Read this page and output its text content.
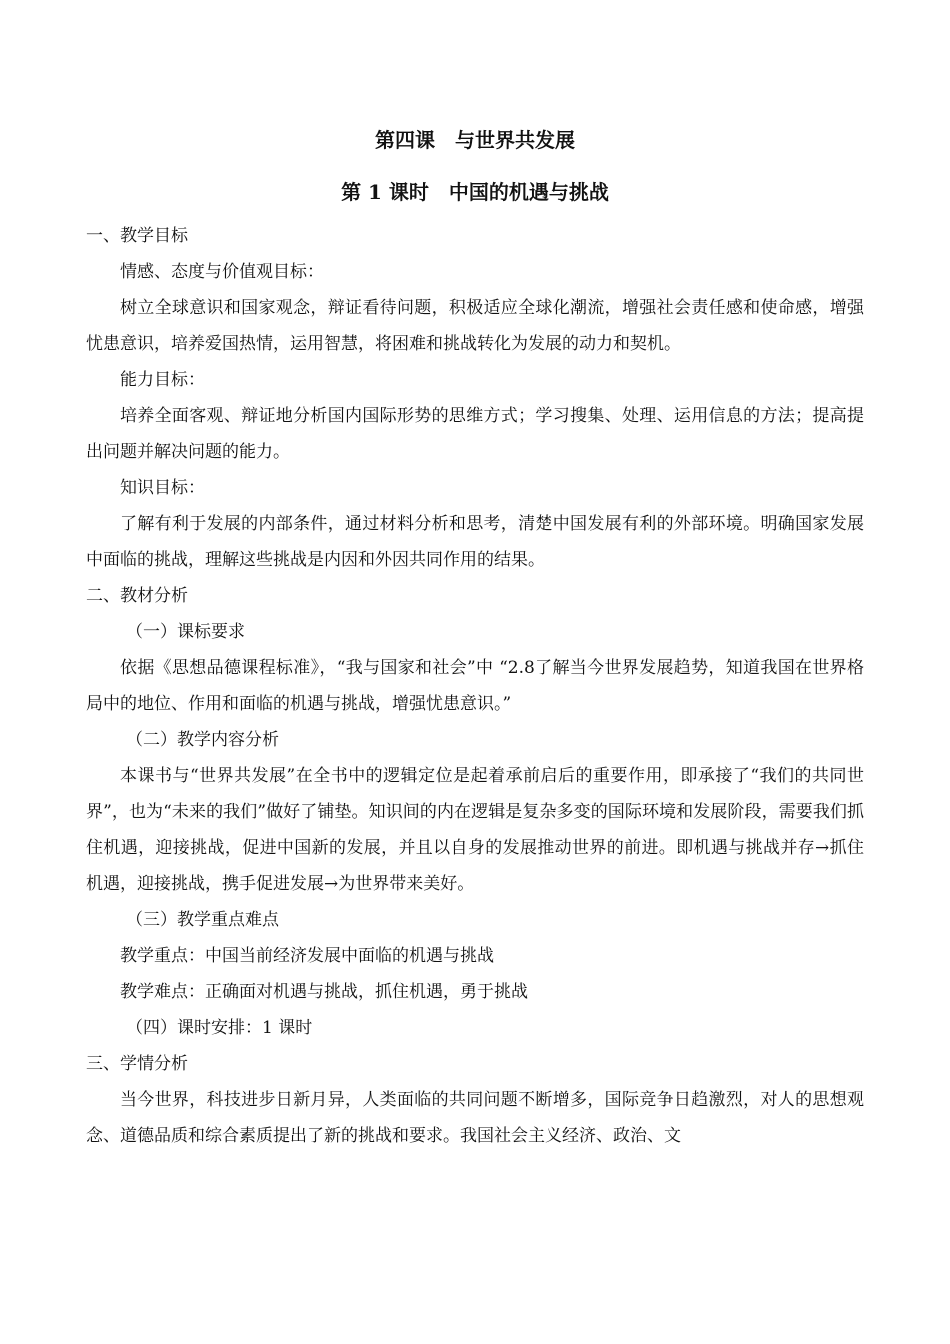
第四课　与世界共发展
第 1 课时　中国的机遇与挑战

一、教学目标

情感、态度与价值观目标：

树立全球意识和国家观念，辩证看待问题，积极适应全球化潮流，增强社会责任感和使命感，增强忧患意识，培养爱国热情，运用智慧，将困难和挑战转化为发展的动力和契机。

能力目标：

培养全面客观、辩证地分析国内国际形势的思维方式；学习搜集、处理、运用信息的方法；提高提出问题并解决问题的能力。

知识目标：

了解有利于发展的内部条件，通过材料分析和思考，清楚中国发展有利的外部环境。明确国家发展中面临的挑战，理解这些挑战是内因和外因共同作用的结果。

二、教材分析

（一）课标要求

依据《思想品德课程标准》，“我与国家和社会”中 “2.8了解当今世界发展趋势，知道我国在世界格局中的地位、作用和面临的机遇与挑战，增强忧患意识。”

（二）教学内容分析

本课书与“世界共发展”在全书中的逻辑定位是起着承前启后的重要作用，即承接了“我们的共同世界”，也为“未来的我们”做好了铺垫。知识间的内在逻辑是复杂多变的国际环境和发展阶段，需要我们抓住机遇，迎接挑战，促进中国新的发展，并且以自身的发展推动世界的前进。即机遇与挑战并存→抓住机遇，迎接挑战，携手促进发展→为世界带来美好。

（三）教学重点难点

教学重点：中国当前经济发展中面临的机遇与挑战

教学难点：正确面对机遇与挑战，抓住机遇，勇于挑战

（四）课时安排：1 课时

三、学情分析

当今世界，科技进步日新月异，人类面临的共同问题不断增多，国际竞争日趋激烈，对人的思想观念、道德品质和综合素质提出了新的挑战和要求。我国社会主义经济、政治、文
